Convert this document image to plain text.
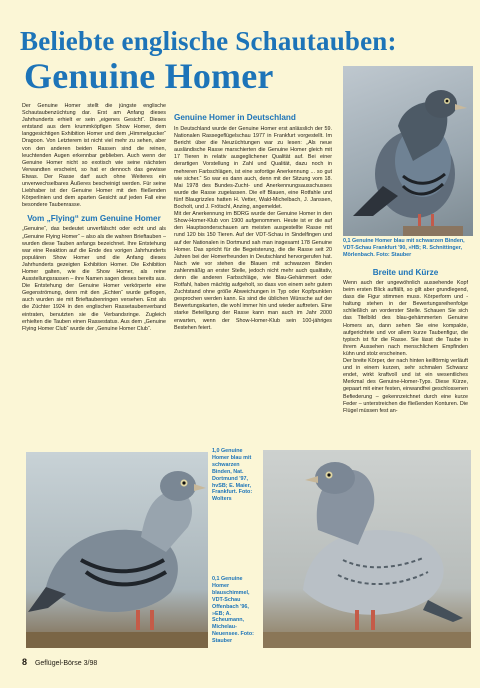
Beliebte englische Schautauben:
Genuine Homer

Der Genuine Homer stellt die jüngste englische Schautaubenzüchtung dar. Erst am Anfang dieses Jahrhunderts erhielt er sein „eigenes Gesicht“. Dieses entstand aus dem krummköpfigen Show Homer, dem langgesichtigen Exhibition Homer und dem „Himmelgucker“ Dragoon. Von Letzterem ist nicht viel mehr zu sehen, aber von den anderen beiden Rassen sind die reinen, leuchtenden Augen erkennbar geblieben. Auch wenn der Genuine Homer nicht so exotisch wie seine nächsten Verwandten erscheint, so hat er dennoch das gewisse Etwas. Der Rasse darf auch ohne Weiteres ein unverwechselbares Äußeres bescheinigt werden. Für seine Liebhaber ist der Genuine Homer mit den fließenden Körperlinien und dem aparten Gesicht auf jeden Fall eine besondere Taubenrasse.

Vom „Flying“ zum Genuine Homer

„Genuine“, das bedeutet unverfälscht oder echt und als „Genuine Flying Homer“ – also als die wahren Brieftauben – wurden diese Tauben anfangs bezeichnet. Ihre Entstehung war eine Reaktion auf die Ende des vorigen Jahrhunderts populären Show Homer und die Anfang dieses Jahrhunderts gezeigten Exhibition Homer. Die Exhibition Homer galten, wie die Show Homer, als reine Ausstellungsrassen – ihre Namen sagen dieses bereits aus. Die Entstehung der Genuine Homer verkörperte eine Gegenströmung, denn mit den „Echten“ wurde geflogen, auch wurden sie mit Brieftaubenringen versehen. Erst als die Züchter 1924 in den englischen Rassetaubenverband eintraten, benutzten sie die Verbandsringe. Zugleich erhielten die Tauben einen Rassestatus. Aus dem „Genuine Flying Homer Club“ wurde der „Genuine Homer Club“.

Genuine Homer in Deutschland

In Deutschland wurde der Genuine Homer erst anlässlich der 59. Nationalen Rassegeflügelschau 1977 in Frankfurt vorgestellt. Im Bericht über die Neuzüchtungen war zu lesen: „Als neue ausländische Rasse marschierten die Genuine Homer gleich mit 17 Tieren in relativ ausgeglichener Qualität auf. Bei einer derartigen Vorstellung in Zahl und Qualität, dazu noch in mehreren Farbschlägen, ist eine sofortige Anerkennung ... so gut wie sicher.“ So war es dann auch, denn mit der Sitzung vom 18. Mai 1978 des Bundes-Zucht- und Anerkennungsausschusses wurde die Rasse zugelassen. Die elf Blauen, eine Rotfahle und fünf Blaugrizzles hatten H. Vetter, Wald-Michelbach, J. Janssen, Bocholt, und J. Frötschl, Anzing, angemeldet.

Mit der Anerkennung im BDRG wurde der Genuine Homer in den Show-Homer-Klub von 1900 aufgenommen. Heute ist er die auf den Hauptsonderschauen am meisten ausgestellte Rasse mit rund 120 bis 150 Tieren. Auf der VDT-Schau in Sindelfingen und auf der Nationalen in Dortmund sah man insgesamt 178 Genuine Homer. Das spricht für die Begeisterung, die die Rasse seit 20 Jahren bei der Homerfreunden in Deutschland hervorgerufen hat. Nach wie vor stehen die Blauen mit schwarzen Binden zahlenmäßig an erster Stelle, jedoch nicht mehr auch qualitativ, denn die anderen Farbschläge, wie Blau-Gehämmert oder Rotfahl, haben mächtig aufgeholt, so dass von einem sehr gutem Zuchtstand ohne größe Abweichungen in Typ oder Kopfpunkten gesprochen werden kann. Es sind die üblichen Wünsche auf der Bewertungskarten, die wohl immer hin und wieder auftreten. Eine starke Beteiligung der Rasse kann man auch im Jahr 2000 erwarten, wenn der Show-Homer-Klub sein 100-jähriges Bestehen feiert.

Breite und Kürze

Wenn auch der ungewöhnlich aussehende Kopf beim ersten Blick auffällt, so gilt aber grundlegend, dass die Figur stimmen muss. Körperform und -haltung stehen in der Bewertungsreihenfolge schließlich an vorderster Stelle. Schauen Sie sich das Titelbild des blau-gehämmerten Genuine Homers an, dann sehen Sie eine kompakte, aufgerichtete und vor allem kurze Taubenfigur, die typisch ist für die Rasse. Sie lässt die Taube in ihrem Aussehen nach menschlichem Empfinden kühn und stolz erscheinen.

Der breite Körper, der nach hinten keilförmig verläuft und in einem kurzen, sehr schmalen Schwanz endet, wirkt kraftvoll und ist ein wesentliches Merkmal des Genuine-Homer-Typs. Diese Kürze, gepaart mit einer festen, einwandfrei geschlossenen Befiederung – gekennzeichnet durch eine kurze Feder – unterstreichen die fließenden Konturen. Die Flügel müssen fest an-

0,1 Genuine Homer blau mit schwarzen Binden, VDT-Schau Frankfurt '90, »HB; R. Schnittinger, Mörlenbach. Foto: Stauber
1,0 Genuine Homer blau mit schwarzen Binden, Nat. Dortmund '97, hvSB; E. Maier, Frankfurt. Foto: Wolters
0,1 Genuine Homer blauschimmel, VDT-Schau Offenbach '96, »EB; A. Scheumann, Michelau-Neuensee. Foto: Stauber
8 Geflügel-Börse 3/98
